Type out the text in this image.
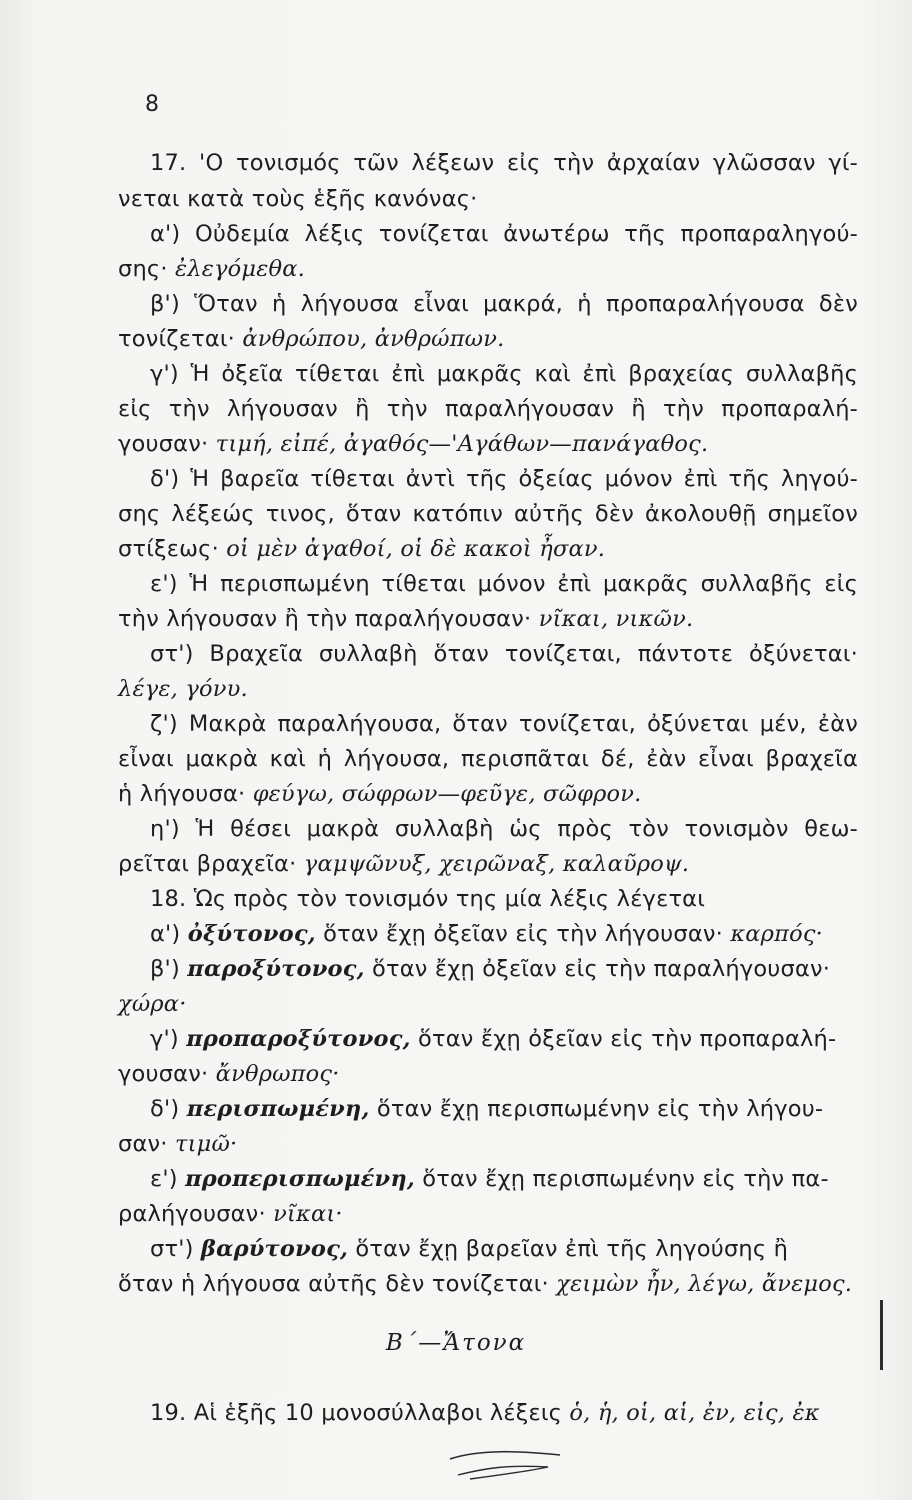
8
17. 'Ο τονισμός τῶν λέξεων εἰς τὴν ἀρχαίαν γλῶσσαν γί-
νεται κατὰ τοὺς ἑξῆς κανόνας·
α') Οὐδεμία λέξις τονίζεται ἀνωτέρω τῆς προπαραληγού-
σης· ἐλεγόμεθα.
β') Ὅταν ἡ λήγουσα εἶναι μακρά, ἡ προπαραλήγουσα δὲν
τονίζεται· ἀνθρώπου, ἀνθρώπων.
γ') Ἡ ὀξεῖα τίθεται ἐπὶ μακρᾶς καὶ ἐπὶ βραχείας συλλαβῆς
εἰς τὴν λήγουσαν ἢ τὴν παραλήγουσαν ἢ τὴν προπαραλή-
γουσαν· τιμή, εἰπέ, ἀγαθός—'Αγάθων—πανάγαθος.
δ') Ἡ βαρεῖα τίθεται ἀντὶ τῆς ὀξείας μόνον ἐπὶ τῆς ληγού-
σης λέξεώς τινος, ὅταν κατόπιν αὐτῆς δὲν ἀκολουθῇ σημεῖον
στίξεως· οἱ μὲν ἀγαθοί, οἱ δὲ κακοὶ ἦσαν.
ε') Ἡ περισπωμένη τίθεται μόνον ἐπὶ μακρᾶς συλλαβῆς εἰς
τὴν λήγουσαν ἢ τὴν παραλήγουσαν· νῖκαι, νικῶν.
στ') Βραχεῖα συλλαβὴ ὅταν τονίζεται, πάντοτε ὀξύνεται·
λέγε, γόνυ.
ζ') Μακρὰ παραλήγουσα, ὅταν τονίζεται, ὀξύνεται μέν, ἐὰν
εἶναι μακρὰ καὶ ἡ λήγουσα, περισπᾶται δέ, ἐὰν εἶναι βραχεῖα
ἡ λήγουσα· φεύγω, σώφρων—φεῦγε, σῶφρον.
η') Ἡ θέσει μακρὰ συλλαβὴ ὡς πρὸς τὸν τονισμὸν θεω-
ρεῖται βραχεῖα· γαμψῶνυξ, χειρῶναξ, καλαῦροψ.
18. Ὡς πρὸς τὸν τονισμόν της μία λέξις λέγεται
α') ὀξύτονος, ὅταν ἔχῃ ὀξεῖαν εἰς τὴν λήγουσαν· καρπός·
β') παροξύτονος, ὅταν ἔχῃ ὀξεῖαν εἰς τὴν παραλήγουσαν·
χώρα·
γ') προπαροξύτονος, ὅταν ἔχῃ ὀξεῖαν εἰς τὴν προπαραλή-
γουσαν· ἄνθρωπος·
δ') περισπωμένη, ὅταν ἔχῃ περισπωμένην εἰς τὴν λήγου-
σαν· τιμῶ·
ε') προπερισπωμένη, ὅταν ἔχῃ περισπωμένην εἰς τὴν πα-
ραλήγουσαν· νῖκαι·
στ') βαρύτονος, ὅταν ἔχῃ βαρεῖαν ἐπὶ τῆς ληγούσης ἢ
ὅταν ἡ λήγουσα αὐτῆς δὲν τονίζεται· χειμὼν ἦν, λέγω, ἄνεμος.
Β΄—Ἄτονα
19. Αἱ ἑξῆς 10 μονοσύλλαβοι λέξεις ὁ, ἡ, οἱ, αἱ, ἐν, εἰς, ἐκ
